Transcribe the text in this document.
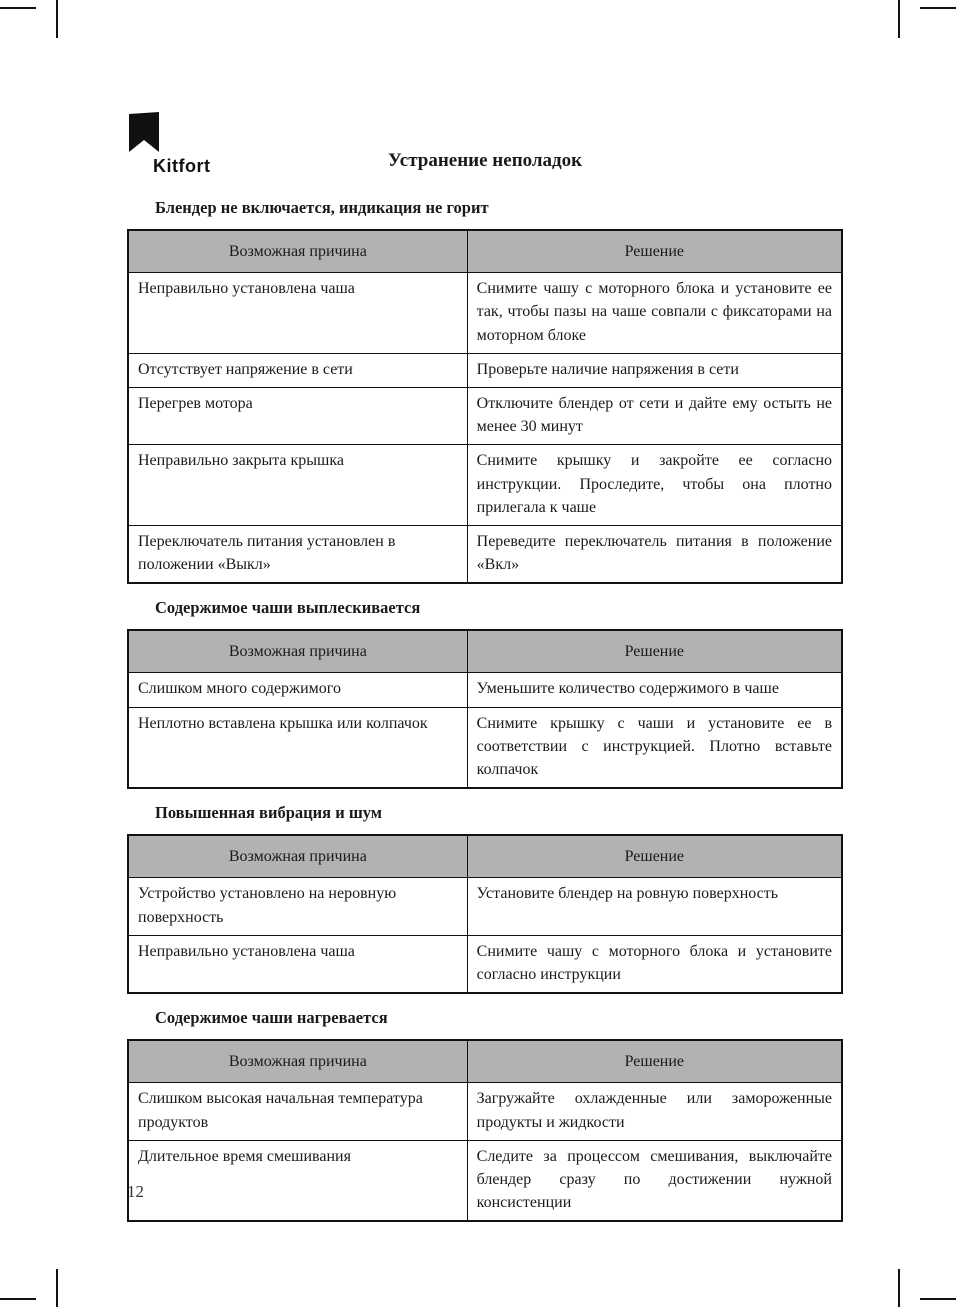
Kitfort	Устранение неполадок
Блендер не включается, индикация не горит
Возможная причина	Решение
Неправильно установлена чаша	Снимите чашу с моторного блока и установите ее так, чтобы пазы на чаше совпали с фиксаторами на моторном блоке
Отсутствует напряжение в сети	Проверьте наличие напряжения в сети
Перегрев мотора	Отключите блендер от сети и дайте ему остыть не менее 30 минут
Неправильно закрыта крышка	Снимите крышку и закройте ее согласно инструкции. Проследите, чтобы она плотно прилегала к чаше
Переключатель питания установлен в положении «Выкл»	Переведите переключатель питания в положение «Вкл»
Содержимое чаши выплескивается
Возможная причина	Решение
Слишком много содержимого	Уменьшите количество содержимого в чаше
Неплотно вставлена крышка или колпачок	Снимите крышку с чаши и установите ее в соответствии с инструкцией. Плотно вставьте колпачок
Повышенная вибрация и шум
Возможная причина	Решение
Устройство установлено на неровную поверхность	Установите блендер на ровную поверхность
Неправильно установлена чаша	Снимите чашу с моторного блока и установите согласно инструкции
Содержимое чаши нагревается
Возможная причина	Решение
Слишком высокая начальная температура продуктов	Загружайте охлажденные или замороженные продукты и жидкости
Длительное время смешивания	Следите за процессом смешивания, выключайте блендер сразу по достижении нужной консистенции
12
